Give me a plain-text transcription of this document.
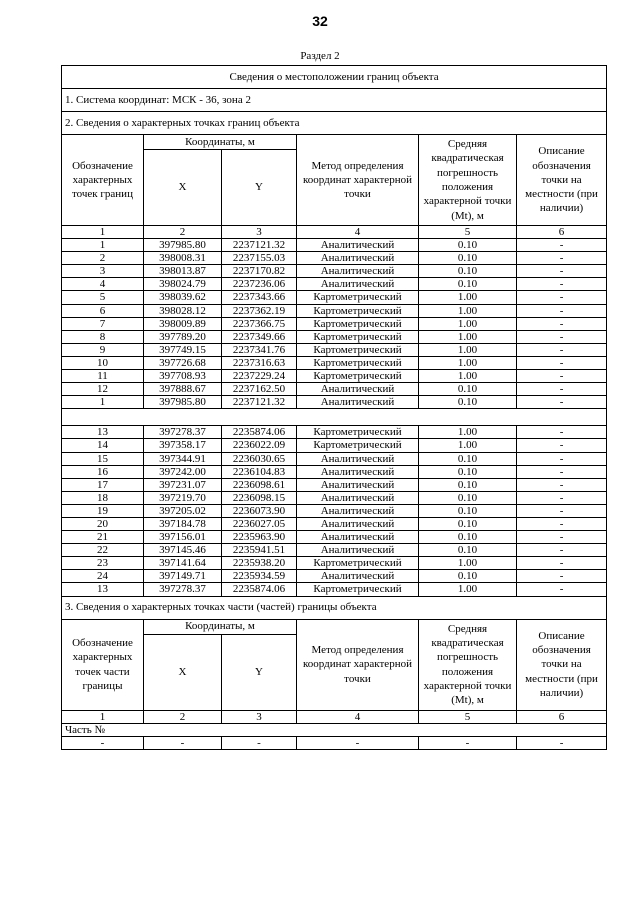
32
Раздел 2
Сведения о местоположении границ объекта					
1. Система координат: МСК - 36, зона 2					
2. Сведения о характерных точках границ объекта					
Обозначение характерных точек границ	Координаты, м		Метод определения координат характерной точки	Средняя квадратическая погрешность положения характерной точки (Mt), м	Описание обозначения точки на местности (при наличии)
	X	Y			
1	2	3	4	5	6
1	397985.80	2237121.32	Аналитический	0.10	-
2	398008.31	2237155.03	Аналитический	0.10	-
3	398013.87	2237170.82	Аналитический	0.10	-
4	398024.79	2237236.06	Аналитический	0.10	-
5	398039.62	2237343.66	Картометрический	1.00	-
6	398028.12	2237362.19	Картометрический	1.00	-
7	398009.89	2237366.75	Картометрический	1.00	-
8	397789.20	2237349.66	Картометрический	1.00	-
9	397749.15	2237341.76	Картометрический	1.00	-
10	397726.68	2237316.63	Картометрический	1.00	-
11	397708.93	2237229.24	Картометрический	1.00	-
12	397888.67	2237162.50	Аналитический	0.10	-
1	397985.80	2237121.32	Аналитический	0.10	-

13	397278.37	2235874.06	Картометрический	1.00	-
14	397358.17	2236022.09	Картометрический	1.00	-
15	397344.91	2236030.65	Аналитический	0.10	-
16	397242.00	2236104.83	Аналитический	0.10	-
17	397231.07	2236098.61	Аналитический	0.10	-
18	397219.70	2236098.15	Аналитический	0.10	-
19	397205.02	2236073.90	Аналитический	0.10	-
20	397184.78	2236027.05	Аналитический	0.10	-
21	397156.01	2235963.90	Аналитический	0.10	-
22	397145.46	2235941.51	Аналитический	0.10	-
23	397141.64	2235938.20	Картометрический	1.00	-
24	397149.71	2235934.59	Аналитический	0.10	-
13	397278.37	2235874.06	Картометрический	1.00	-
3. Сведения о характерных точках части (частей) границы объекта					
Обозначение характерных точек части границы	Координаты, м		Метод определения координат характерной точки	Средняя квадратическая погрешность положения характерной точки (Mt), м	Описание обозначения точки на местности (при наличии)
	X	Y			
1	2	3	4	5	6
Часть №					
-	-	-	-	-	-
